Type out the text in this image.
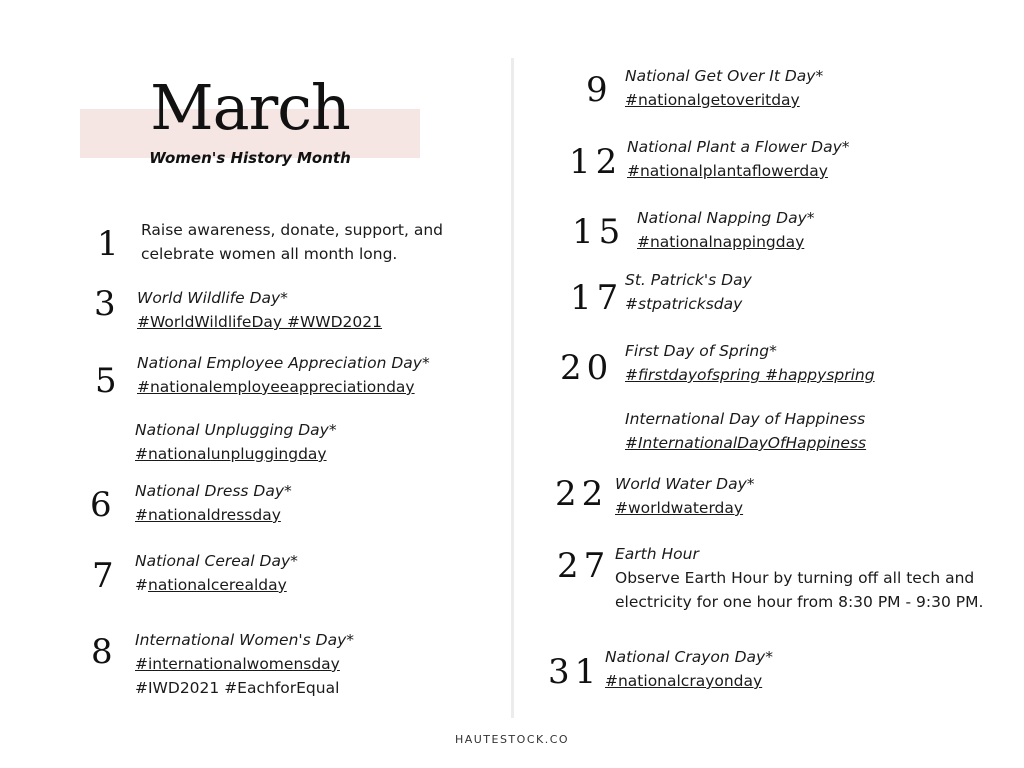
March
Women's History Month
1 Raise awareness, donate, support, and
celebrate women all month long.
3 World Wildlife Day*
#WorldWildlifeDay #WWD2021
5 National Employee Appreciation Day*
#nationalemployeeappreciationday
National Unplugging Day*
#nationalunpluggingday
6 National Dress Day*
#nationaldressday
7 National Cereal Day*
#nationalcerealday
8 International Women's Day*
#internationalwomensday
#IWD2021 #EachforEqual
9 National Get Over It Day*
#nationalgetoveritday
12 National Plant a Flower Day*
#nationalplantaflowerday
15 National Napping Day*
#nationalnappingday
17 St. Patrick's Day
#stpatricksday
20 First Day of Spring*
#firstdayofspring #happyspring
International Day of Happiness
#InternationalDayOfHappiness
22 World Water Day*
#worldwaterday
27 Earth Hour
Observe Earth Hour by turning off all tech and
electricity for one hour from 8:30 PM - 9:30 PM.
31 National Crayon Day*
#nationalcrayonday
HAUTESTOCK.CO
